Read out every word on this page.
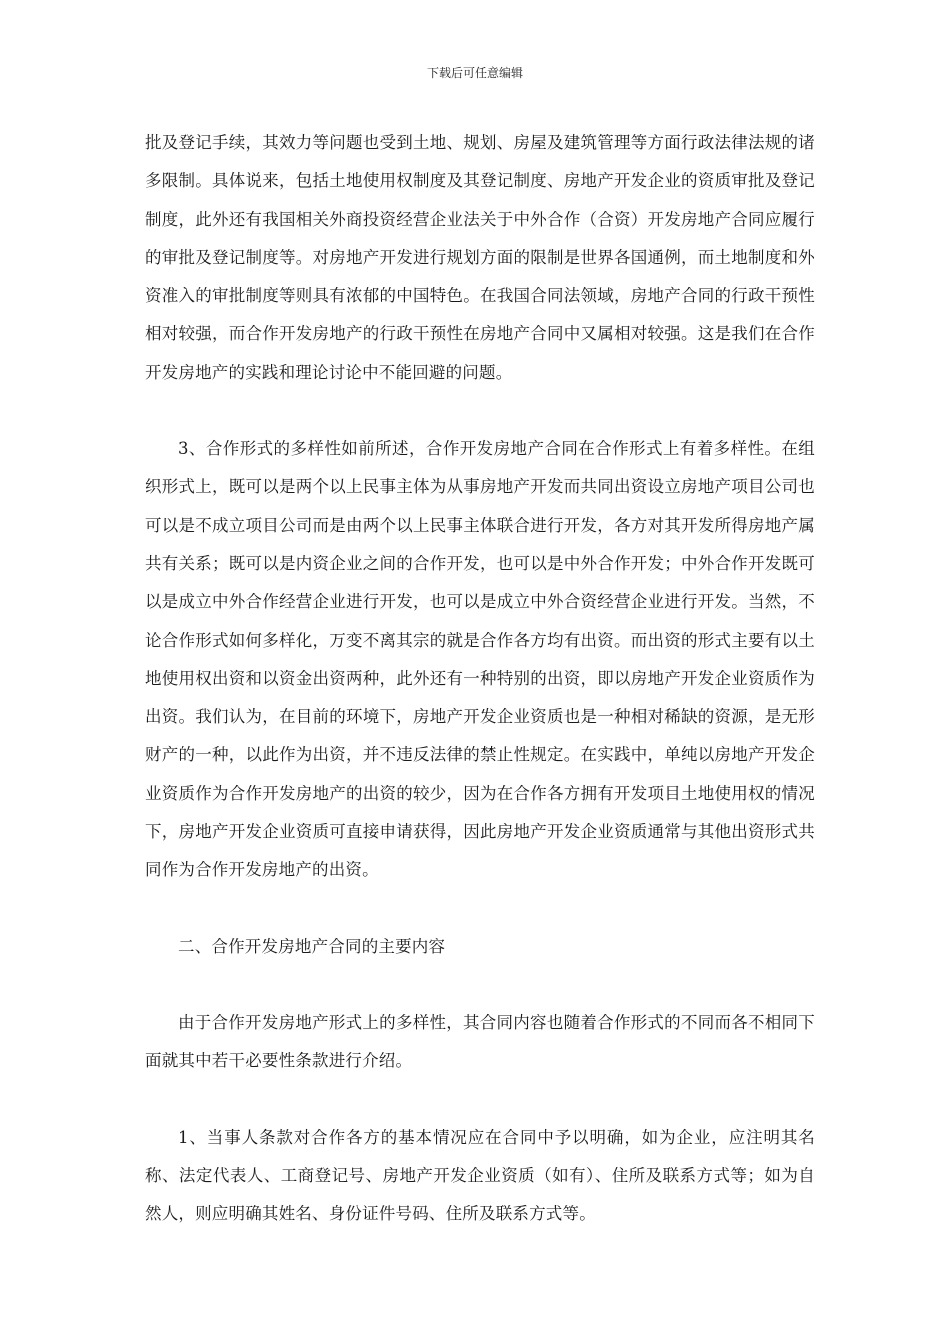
下载后可任意编辑

批及登记手续，其效力等问题也受到土地、规划、房屋及建筑管理等方面行政法律法规的诸多限制。具体说来，包括土地使用权制度及其登记制度、房地产开发企业的资质审批及登记制度，此外还有我国相关外商投资经营企业法关于中外合作（合资）开发房地产合同应履行的审批及登记制度等。对房地产开发进行规划方面的限制是世界各国通例，而土地制度和外资准入的审批制度等则具有浓郁的中国特色。在我国合同法领域，房地产合同的行政干预性相对较强，而合作开发房地产的行政干预性在房地产合同中又属相对较强。这是我们在合作开发房地产的实践和理论讨论中不能回避的问题。

3、合作形式的多样性如前所述，合作开发房地产合同在合作形式上有着多样性。在组织形式上，既可以是两个以上民事主体为从事房地产开发而共同出资设立房地产项目公司也可以是不成立项目公司而是由两个以上民事主体联合进行开发，各方对其开发所得房地产属共有关系；既可以是内资企业之间的合作开发，也可以是中外合作开发；中外合作开发既可以是成立中外合作经营企业进行开发，也可以是成立中外合资经营企业进行开发。当然，不论合作形式如何多样化，万变不离其宗的就是合作各方均有出资。而出资的形式主要有以土地使用权出资和以资金出资两种，此外还有一种特别的出资，即以房地产开发企业资质作为出资。我们认为，在目前的环境下，房地产开发企业资质也是一种相对稀缺的资源，是无形财产的一种，以此作为出资，并不违反法律的禁止性规定。在实践中，单纯以房地产开发企业资质作为合作开发房地产的出资的较少，因为在合作各方拥有开发项目土地使用权的情况下，房地产开发企业资质可直接申请获得，因此房地产开发企业资质通常与其他出资形式共同作为合作开发房地产的出资。

二、合作开发房地产合同的主要内容

由于合作开发房地产形式上的多样性，其合同内容也随着合作形式的不同而各不相同下面就其中若干必要性条款进行介绍。

1、当事人条款对合作各方的基本情况应在合同中予以明确，如为企业，应注明其名称、法定代表人、工商登记号、房地产开发企业资质（如有）、住所及联系方式等；如为自然人，则应明确其姓名、身份证件号码、住所及联系方式等。
